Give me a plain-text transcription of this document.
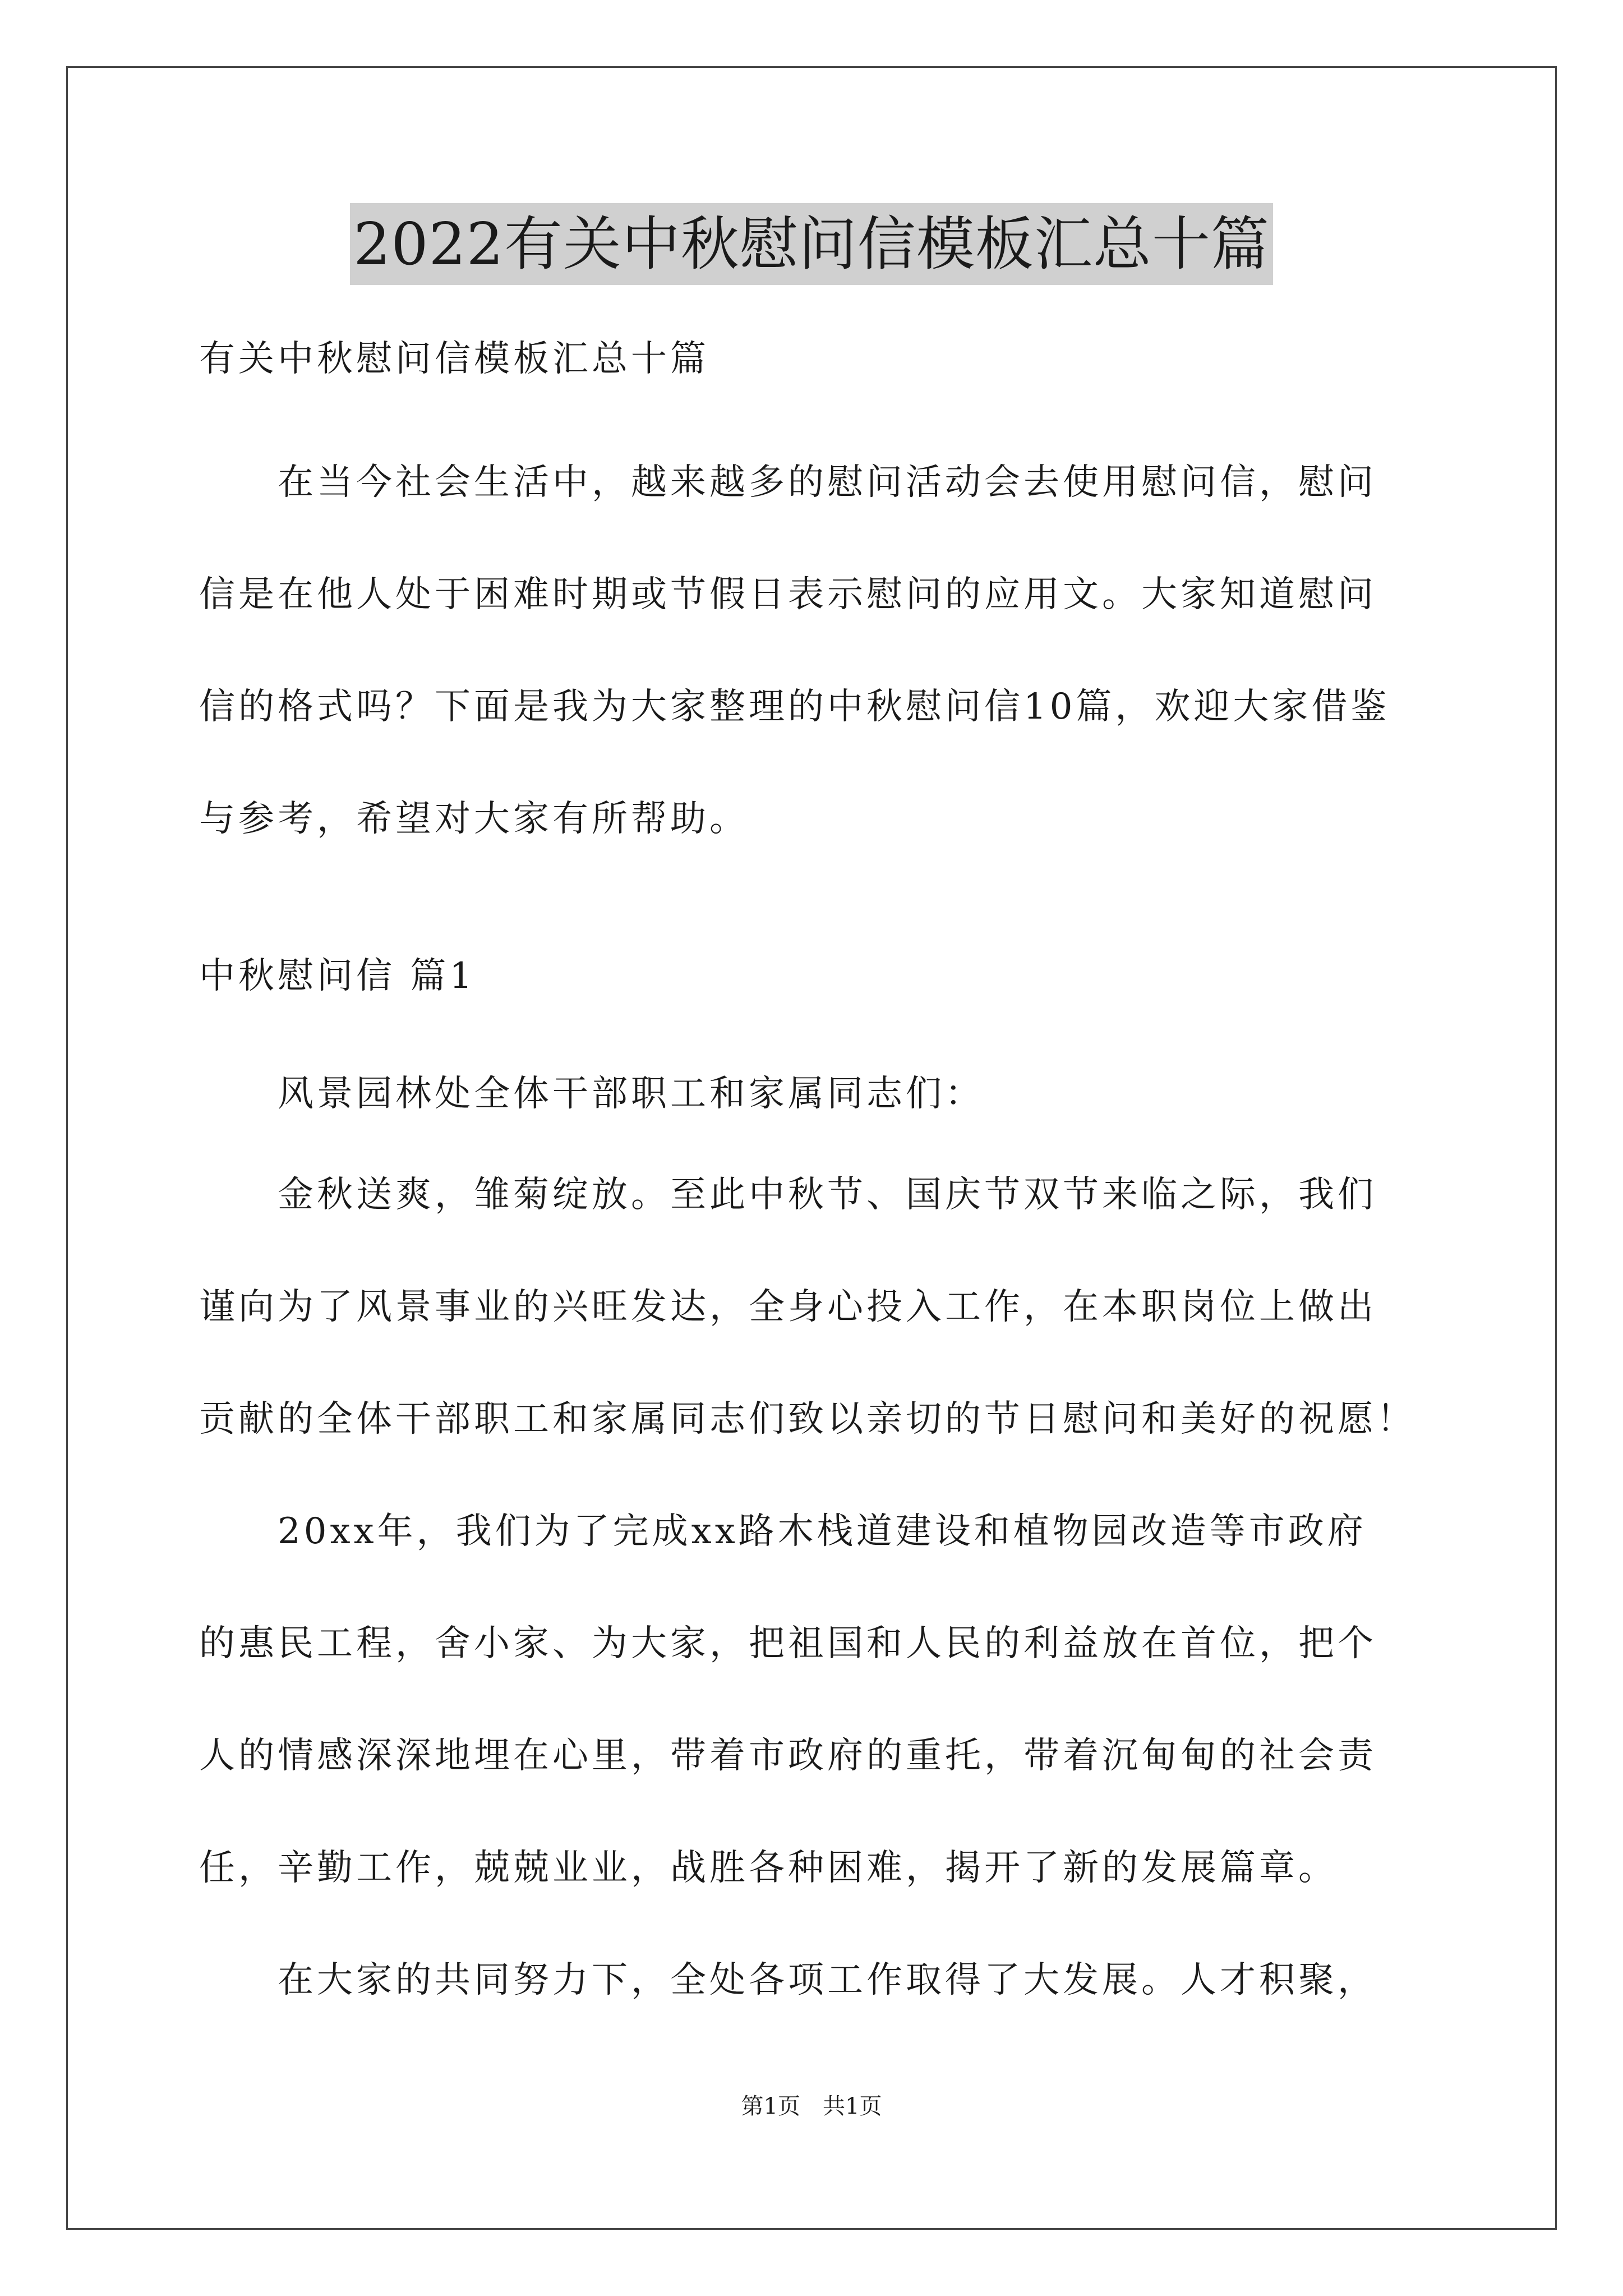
2022有关中秋慰问信模板汇总十篇
有关中秋慰问信模板汇总十篇
在当今社会生活中，越来越多的慰问活动会去使用慰问信，慰问
信是在他人处于困难时期或节假日表示慰问的应用文。大家知道慰问
信的格式吗？下面是我为大家整理的中秋慰问信10篇，欢迎大家借鉴
与参考，希望对大家有所帮助。
中秋慰问信 篇1
风景园林处全体干部职工和家属同志们：
金秋送爽，雏菊绽放。至此中秋节、国庆节双节来临之际，我们
谨向为了风景事业的兴旺发达，全身心投入工作，在本职岗位上做出
贡献的全体干部职工和家属同志们致以亲切的节日慰问和美好的祝愿！
20xx年，我们为了完成xx路木栈道建设和植物园改造等市政府
的惠民工程，舍小家、为大家，把祖国和人民的利益放在首位，把个
人的情感深深地埋在心里，带着市政府的重托，带着沉甸甸的社会责
任，辛勤工作，兢兢业业，战胜各种困难，揭开了新的发展篇章。
在大家的共同努力下，全处各项工作取得了大发展。人才积聚，
第1页　共1页
